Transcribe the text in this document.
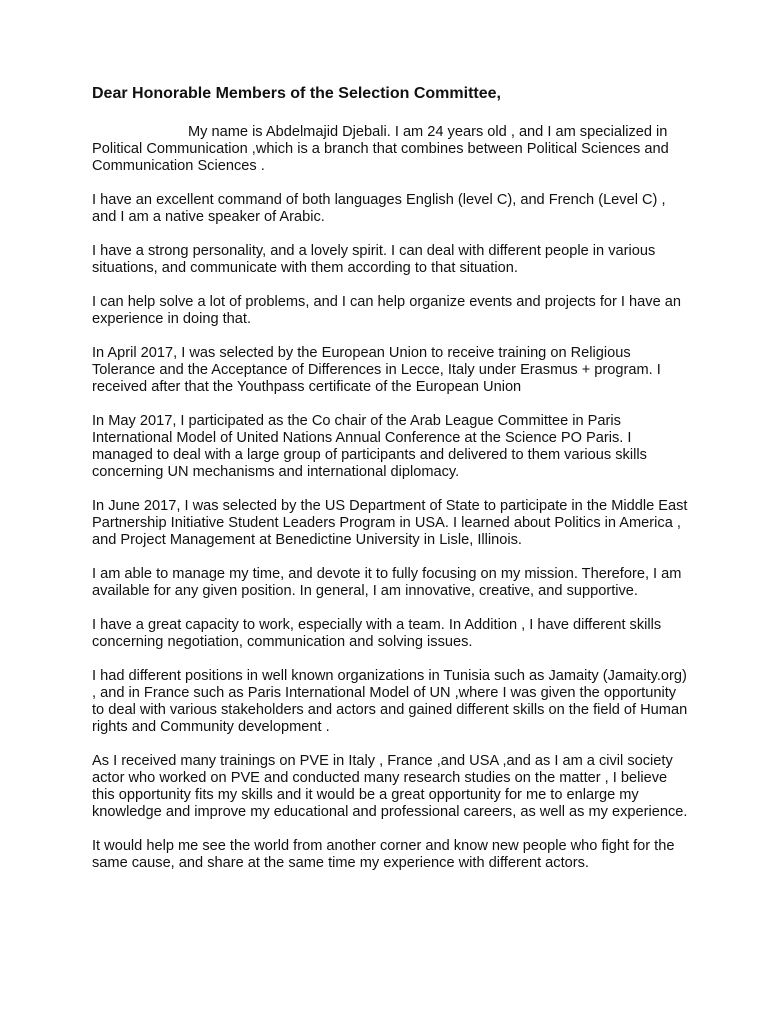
Dear Honorable Members of the Selection Committee,

My name is Abdelmajid Djebali. I am 24 years old , and I am specialized in Political Communication ,which is a branch that combines between Political Sciences and Communication Sciences .

I have an excellent command of both languages English (level C), and French (Level C) , and I am a native speaker of Arabic.

I have a strong personality, and a lovely spirit. I can deal with different people in various situations, and communicate with them according to that situation.

I can help solve a lot of problems, and I can help organize events and projects for I have an experience in doing that.

In April 2017, I was selected by the European Union to receive training on Religious Tolerance and the Acceptance of Differences in Lecce, Italy under Erasmus + program. I received after that the Youthpass certificate of the European Union

In May 2017, I participated as the Co chair of the Arab League Committee in Paris International Model of United Nations Annual Conference at the Science PO Paris. I managed to deal with a large group of participants and delivered to them various skills concerning UN mechanisms and international diplomacy.

In June 2017, I was selected by the US Department of State to participate in the Middle East Partnership Initiative Student Leaders Program in USA. I learned about Politics in America , and Project Management at Benedictine University in Lisle, Illinois.

I am able to manage my time, and devote it to fully focusing on my mission. Therefore, I am available for any given position. In general, I am innovative, creative, and supportive.

I have a great capacity to work, especially with a team. In Addition , I have different skills concerning negotiation, communication and solving issues.

I had different positions in well known organizations in Tunisia such as Jamaity (Jamaity.org) , and in France such as Paris International Model of UN ,where I was given the opportunity to deal with various stakeholders and actors and gained different skills on the field of Human rights and Community development .

As I received many trainings on PVE in Italy , France ,and USA ,and as I am a civil society actor who worked on PVE and conducted many research studies on the matter , I believe this opportunity fits my skills and it would be a great opportunity for me to enlarge my knowledge and improve my educational and professional careers, as well as my experience.

It would help me see the world from another corner and know new people who fight for the same cause, and share at the same time my experience with different actors.
